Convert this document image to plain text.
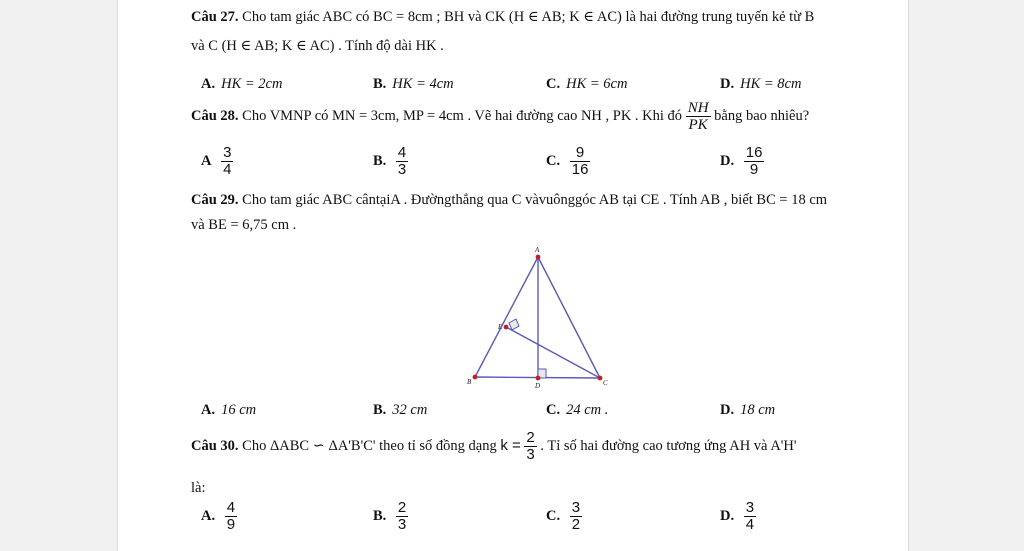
Câu 27. Cho tam giác ABC có BC = 8cm ; BH và CK (H ∈ AB; K ∈ AC) là hai đường trung tuyến kẻ từ B
và C (H ∈ AB; K ∈ AC) . Tính độ dài HK .
A. HK = 2cm	B. HK = 4cm	C. HK = 6cm	D. HK = 8cm
Câu 28. Cho VMNP có MN = 3cm, MP = 4cm . Vẽ hai đường cao NH , PK . Khi đó $\frac{NH}{PK}$ bằng bao nhiêu?
A $\frac{3}{4}$	B. $\frac{4}{3}$	C. $\frac{9}{16}$	D. $\frac{16}{9}$
Câu 29. Cho tam giác ABC cântạiA . Đườngthẳng qua C vàvuônggóc AB tại CE . Tính AB , biết BC = 18 cm
và BE = 6,75 cm .
A
E
B	D	C
A. 16 cm	B. 32 cm	C. 24 cm .	D. 18 cm
Câu 30. Cho ΔABC ∽ ΔA'B'C' theo tỉ số đồng dạng $k = \frac{2}{3}$ . Tỉ số hai đường cao tương ứng AH và A'H'
là:
A. $\frac{4}{9}$	B. $\frac{2}{3}$	C. $\frac{3}{2}$	D. $\frac{3}{4}$
